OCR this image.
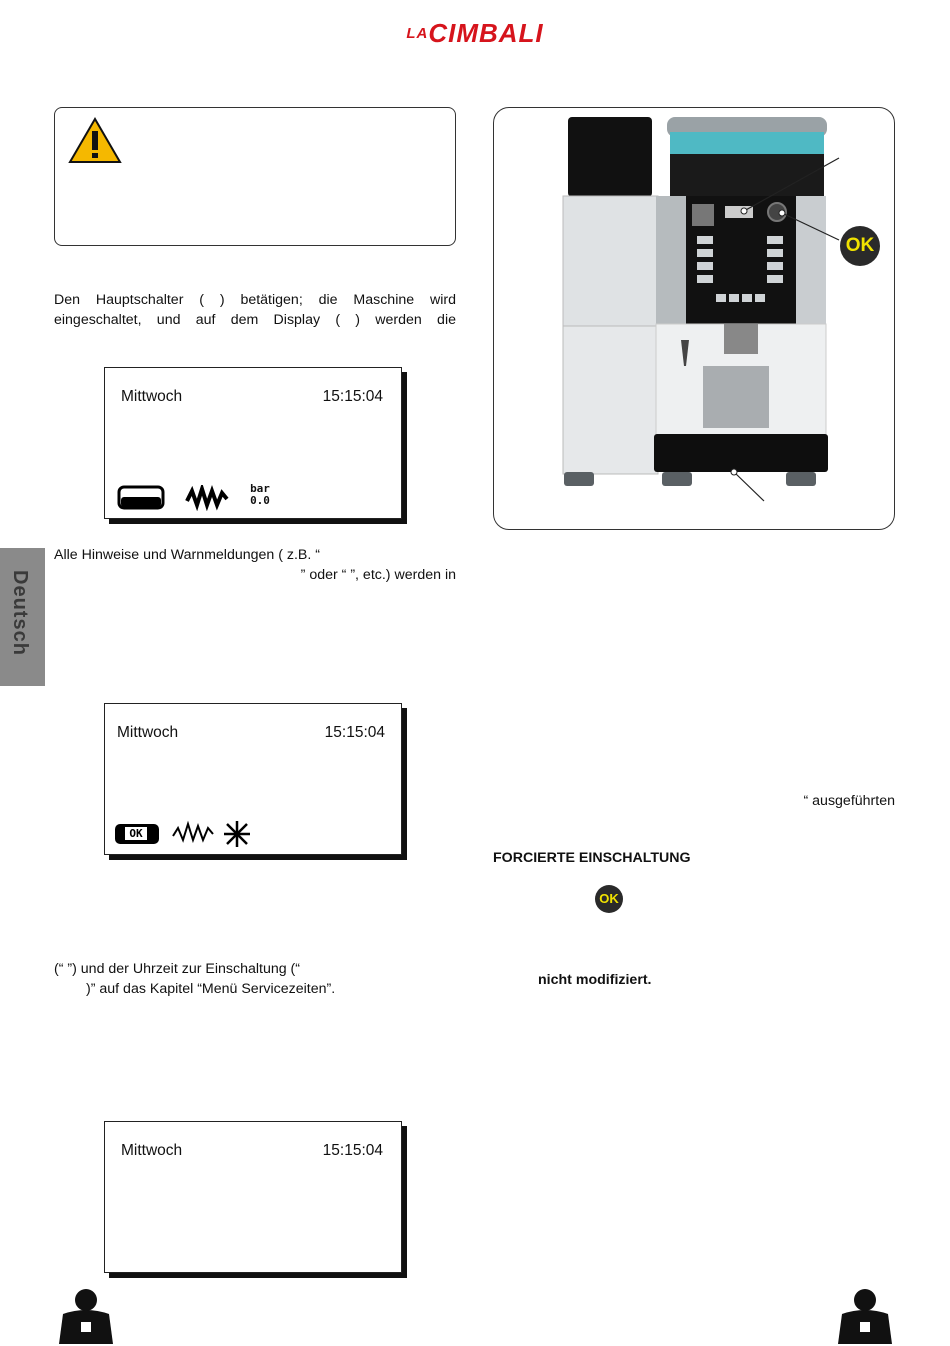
LACIMBALI
Den Hauptschalter ( ) betätigen; die Maschine wird eingeschaltet, und auf dem Display ( ) werden die
Mittwoch	15:15:04
bar
0.0
Deutsch
Alle Hinweise und Warnmeldungen ( z.B. “
” oder “ ”, etc.) werden in
Mittwoch	15:15:04
OK
(“ ”) und der Uhrzeit zur Einschaltung (“
)” auf das Kapitel “Menü Servicezeiten”.
Mittwoch	15:15:04
OK
“ ausgeführten
FORCIERTE EINSCHALTUNG
OK
nicht modifiziert.
